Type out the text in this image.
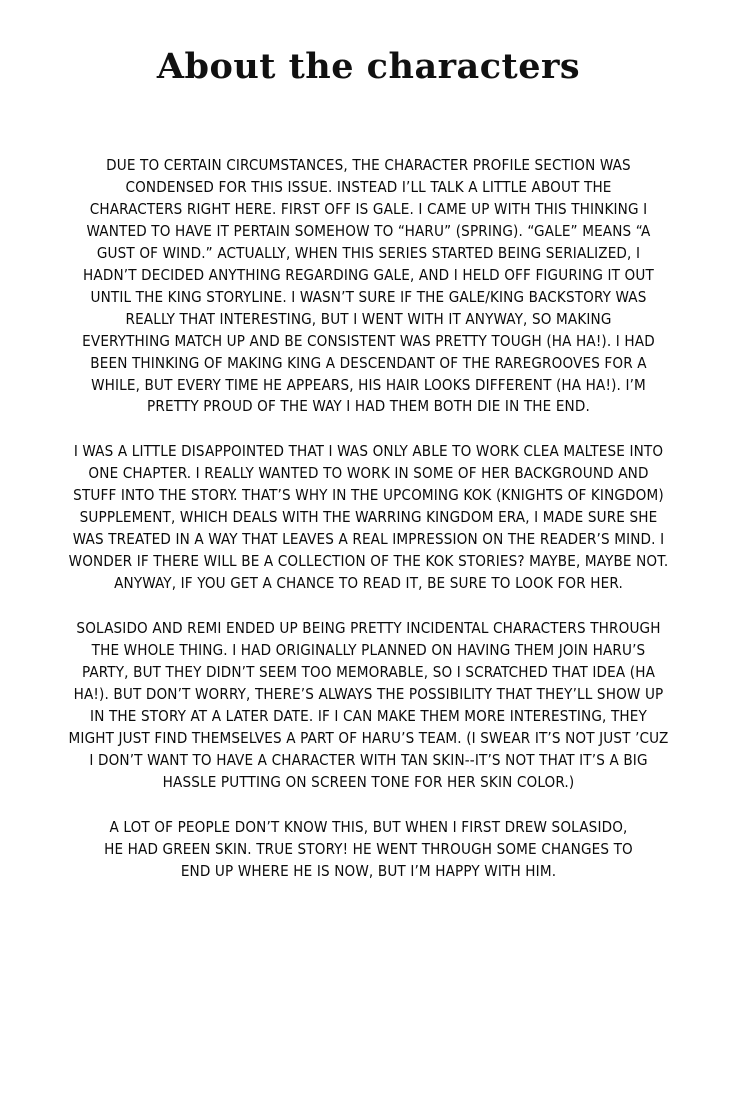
About the characters

DUE TO CERTAIN CIRCUMSTANCES, THE CHARACTER PROFILE SECTION WAS CONDENSED FOR THIS ISSUE. INSTEAD I’LL TALK A LITTLE ABOUT THE CHARACTERS RIGHT HERE. FIRST OFF IS GALE. I CAME UP WITH THIS THINKING I WANTED TO HAVE IT PERTAIN SOMEHOW TO “HARU” (SPRING). “GALE” MEANS “A GUST OF WIND.” ACTUALLY, WHEN THIS SERIES STARTED BEING SERIALIZED, I HADN’T DECIDED ANYTHING REGARDING GALE, AND I HELD OFF FIGURING IT OUT UNTIL THE KING STORYLINE. I WASN’T SURE IF THE GALE/KING BACKSTORY WAS REALLY THAT INTERESTING, BUT I WENT WITH IT ANYWAY, SO MAKING EVERYTHING MATCH UP AND BE CONSISTENT WAS PRETTY TOUGH (HA HA!). I HAD BEEN THINKING OF MAKING KING A DESCENDANT OF THE RAREGROOVES FOR A WHILE, BUT EVERY TIME HE APPEARS, HIS HAIR LOOKS DIFFERENT (HA HA!). I’M PRETTY PROUD OF THE WAY I HAD THEM BOTH DIE IN THE END.

I WAS A LITTLE DISAPPOINTED THAT I WAS ONLY ABLE TO WORK CLEA MALTESE INTO ONE CHAPTER. I REALLY WANTED TO WORK IN SOME OF HER BACKGROUND AND STUFF INTO THE STORY. THAT’S WHY IN THE UPCOMING KOK (KNIGHTS OF KINGDOM) SUPPLEMENT, WHICH DEALS WITH THE WARRING KINGDOM ERA, I MADE SURE SHE WAS TREATED IN A WAY THAT LEAVES A REAL IMPRESSION ON THE READER’S MIND. I WONDER IF THERE WILL BE A COLLECTION OF THE KOK STORIES? MAYBE, MAYBE NOT. ANYWAY, IF YOU GET A CHANCE TO READ IT, BE SURE TO LOOK FOR HER.

SOLASIDO AND REMI ENDED UP BEING PRETTY INCIDENTAL CHARACTERS THROUGH THE WHOLE THING. I HAD ORIGINALLY PLANNED ON HAVING THEM JOIN HARU’S PARTY, BUT THEY DIDN’T SEEM TOO MEMORABLE, SO I SCRATCHED THAT IDEA (HA HA!). BUT DON’T WORRY, THERE’S ALWAYS THE POSSIBILITY THAT THEY’LL SHOW UP IN THE STORY AT A LATER DATE. IF I CAN MAKE THEM MORE INTERESTING, THEY MIGHT JUST FIND THEMSELVES A PART OF HARU’S TEAM. (I SWEAR IT’S NOT JUST ’CUZ I DON’T WANT TO HAVE A CHARACTER WITH TAN SKIN--IT’S NOT THAT IT’S A BIG HASSLE PUTTING ON SCREEN TONE FOR HER SKIN COLOR.)

A LOT OF PEOPLE DON’T KNOW THIS, BUT WHEN I FIRST DREW SOLASIDO, HE HAD GREEN SKIN. TRUE STORY! HE WENT THROUGH SOME CHANGES TO END UP WHERE HE IS NOW, BUT I’M HAPPY WITH HIM.
